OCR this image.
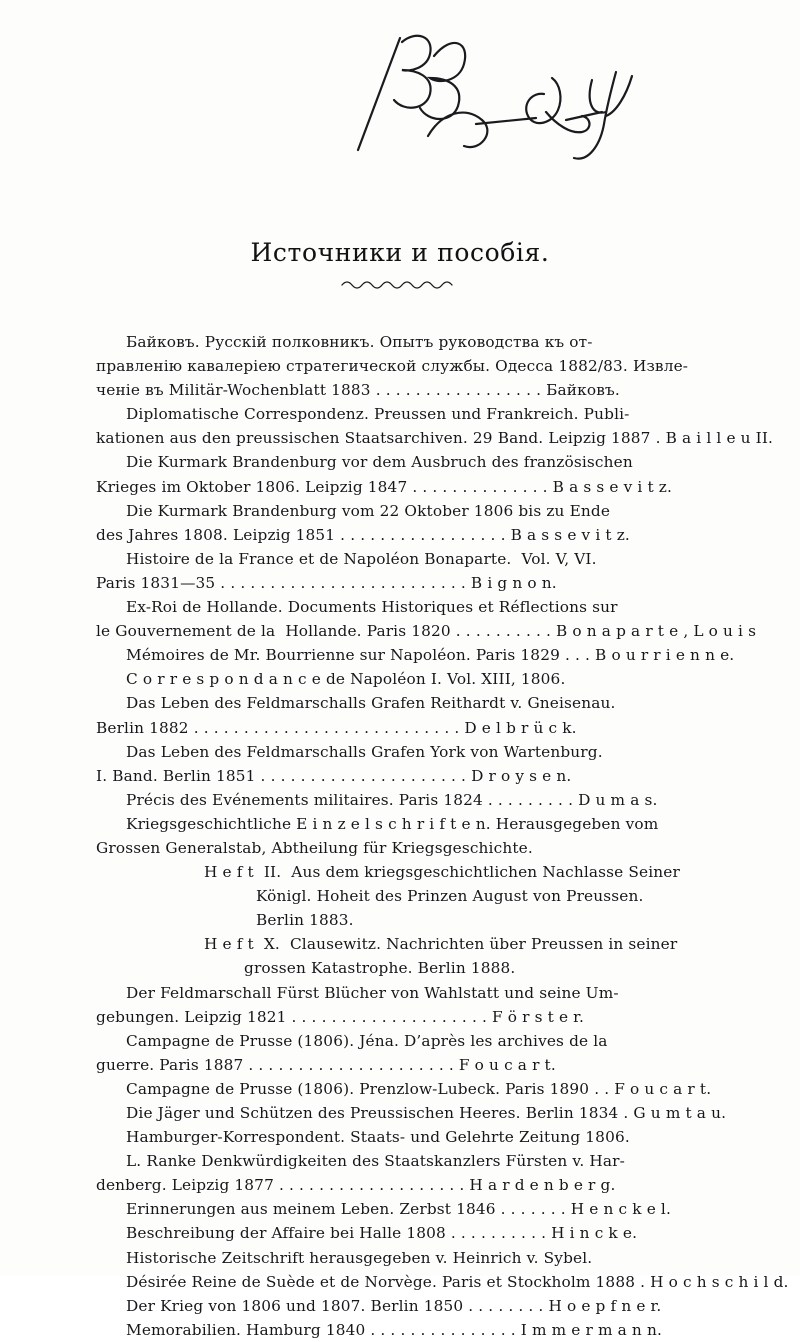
Источники и пособія.
Байковъ. Русскій полковникъ. Опытъ руководства къ от-
правленію кавалеріею стратегической службы. Одесса 1882/83. Извле-
ченіе въ Militär-Wochenblatt 1883 . . . . . . . . . . . . . . . . . Байковъ.
Diplomatische Correspondenz. Preussen und Frankreich. Publi-
kationen aus den preussischen Staatsarchiven. 29 Band. Leipzig 1887 . B a i l l e u II.
Die Kurmark Brandenburg vor dem Ausbruch des französischen
Krieges im Oktober 1806. Leipzig 1847 . . . . . . . . . . . . . . B a s s e v i t z.
Die Kurmark Brandenburg vom 22 Oktober 1806 bis zu Ende
des Jahres 1808. Leipzig 1851 . . . . . . . . . . . . . . . . . B a s s e v i t z.
Histoire de la France et de Napoléon Bonaparte.  Vol. V, VI.
Paris 1831—35 . . . . . . . . . . . . . . . . . . . . . . . . . B i g n o n.
Ex-Roi de Hollande. Documents Historiques et Réflections sur
le Gouvernement de la  Hollande. Paris 1820 . . . . . . . . . . B o n a p a r t e , L o u i s
Mémoires de Mr. Bourrienne sur Napoléon. Paris 1829 . . . B o u r r i e n n e.
C o r r e s p o n d a n c e de Napoléon I. Vol. XIII, 1806.
Das Leben des Feldmarschalls Grafen Reithardt v. Gneisenau.
Berlin 1882 . . . . . . . . . . . . . . . . . . . . . . . . . . . D e l b r ü c k.
Das Leben des Feldmarschalls Grafen York von Wartenburg.
I. Band. Berlin 1851 . . . . . . . . . . . . . . . . . . . . . D r o y s e n.
Précis des Evénements militaires. Paris 1824 . . . . . . . . . D u m a s.
Kriegsgeschichtliche E i n z e l s c h r i f t e n. Herausgegeben vom
Grossen Generalstab, Abtheilung für Kriegsgeschichte.
H e f t  II.  Aus dem kriegsgeschichtlichen Nachlasse Seiner
Königl. Hoheit des Prinzen August von Preussen.
Berlin 1883.
H e f t  X.  Clausewitz. Nachrichten über Preussen in seiner
grossen Katastrophe. Berlin 1888.
Der Feldmarschall Fürst Blücher von Wahlstatt und seine Um-
gebungen. Leipzig 1821 . . . . . . . . . . . . . . . . . . . . F ö r s t e r.
Campagne de Prusse (1806). Jéna. D’après les archives de la
guerre. Paris 1887 . . . . . . . . . . . . . . . . . . . . . F o u c a r t.
Campagne de Prusse (1806). Prenzlow-Lubeck. Paris 1890 . . F o u c a r t.
Die Jäger und Schützen des Preussischen Heeres. Berlin 1834 . G u m t a u.
Hamburger-Korrespondent. Staats- und Gelehrte Zeitung 1806.
L. Ranke Denkwürdigkeiten des Staatskanzlers Fürsten v. Har-
denberg. Leipzig 1877 . . . . . . . . . . . . . . . . . . . H a r d e n b e r g.
Erinnerungen aus meinem Leben. Zerbst 1846 . . . . . . . H e n c k e l.
Beschreibung der Affaire bei Halle 1808 . . . . . . . . . . H i n c k e.
Historische Zeitschrift herausgegeben v. Heinrich v. Sybel.
Désirée Reine de Suède et de Norvège. Paris et Stockholm 1888 . H o c h s c h i l d.
Der Krieg von 1806 und 1807. Berlin 1850 . . . . . . . . H o e p f n e r.
Memorabilien. Hamburg 1840 . . . . . . . . . . . . . . . I m m e r m a n n.
